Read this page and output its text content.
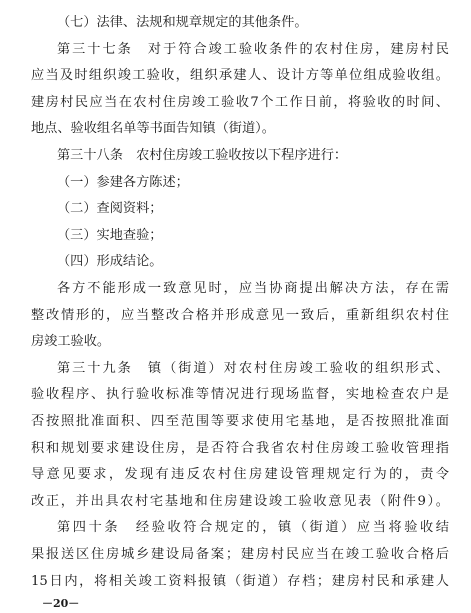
（七）法律、法规和规章规定的其他条件。
第三十七条　对于符合竣工验收条件的农村住房，建房村民
应当及时组织竣工验收，组织承建人、设计方等单位组成验收组。
建房村民应当在农村住房竣工验收7个工作日前，将验收的时间、
地点、验收组名单等书面告知镇（街道）。
第三十八条　农村住房竣工验收按以下程序进行：
（一）参建各方陈述；
（二）查阅资料；
（三）实地查验；
（四）形成结论。
各方不能形成一致意见时，应当协商提出解决方法，存在需
整改情形的，应当整改合格并形成意见一致后，重新组织农村住
房竣工验收。
第三十九条　镇（街道）对农村住房竣工验收的组织形式、
验收程序、执行验收标准等情况进行现场监督，实地检查农户是
否按照批准面积、四至范围等要求使用宅基地，是否按照批准面
积和规划要求建设住房，是否符合我省农村住房竣工验收管理指
导意见要求，发现有违反农村住房建设管理规定行为的，责令
改正，并出具农村宅基地和住房建设竣工验收意见表（附件9）。
第四十条　经验收符合规定的，镇（街道）应当将验收结
果报送区住房城乡建设局备案；建房村民应当在竣工验收合格后
15日内，将相关竣工资料报镇（街道）存档；建房村民和承建人
－20－
